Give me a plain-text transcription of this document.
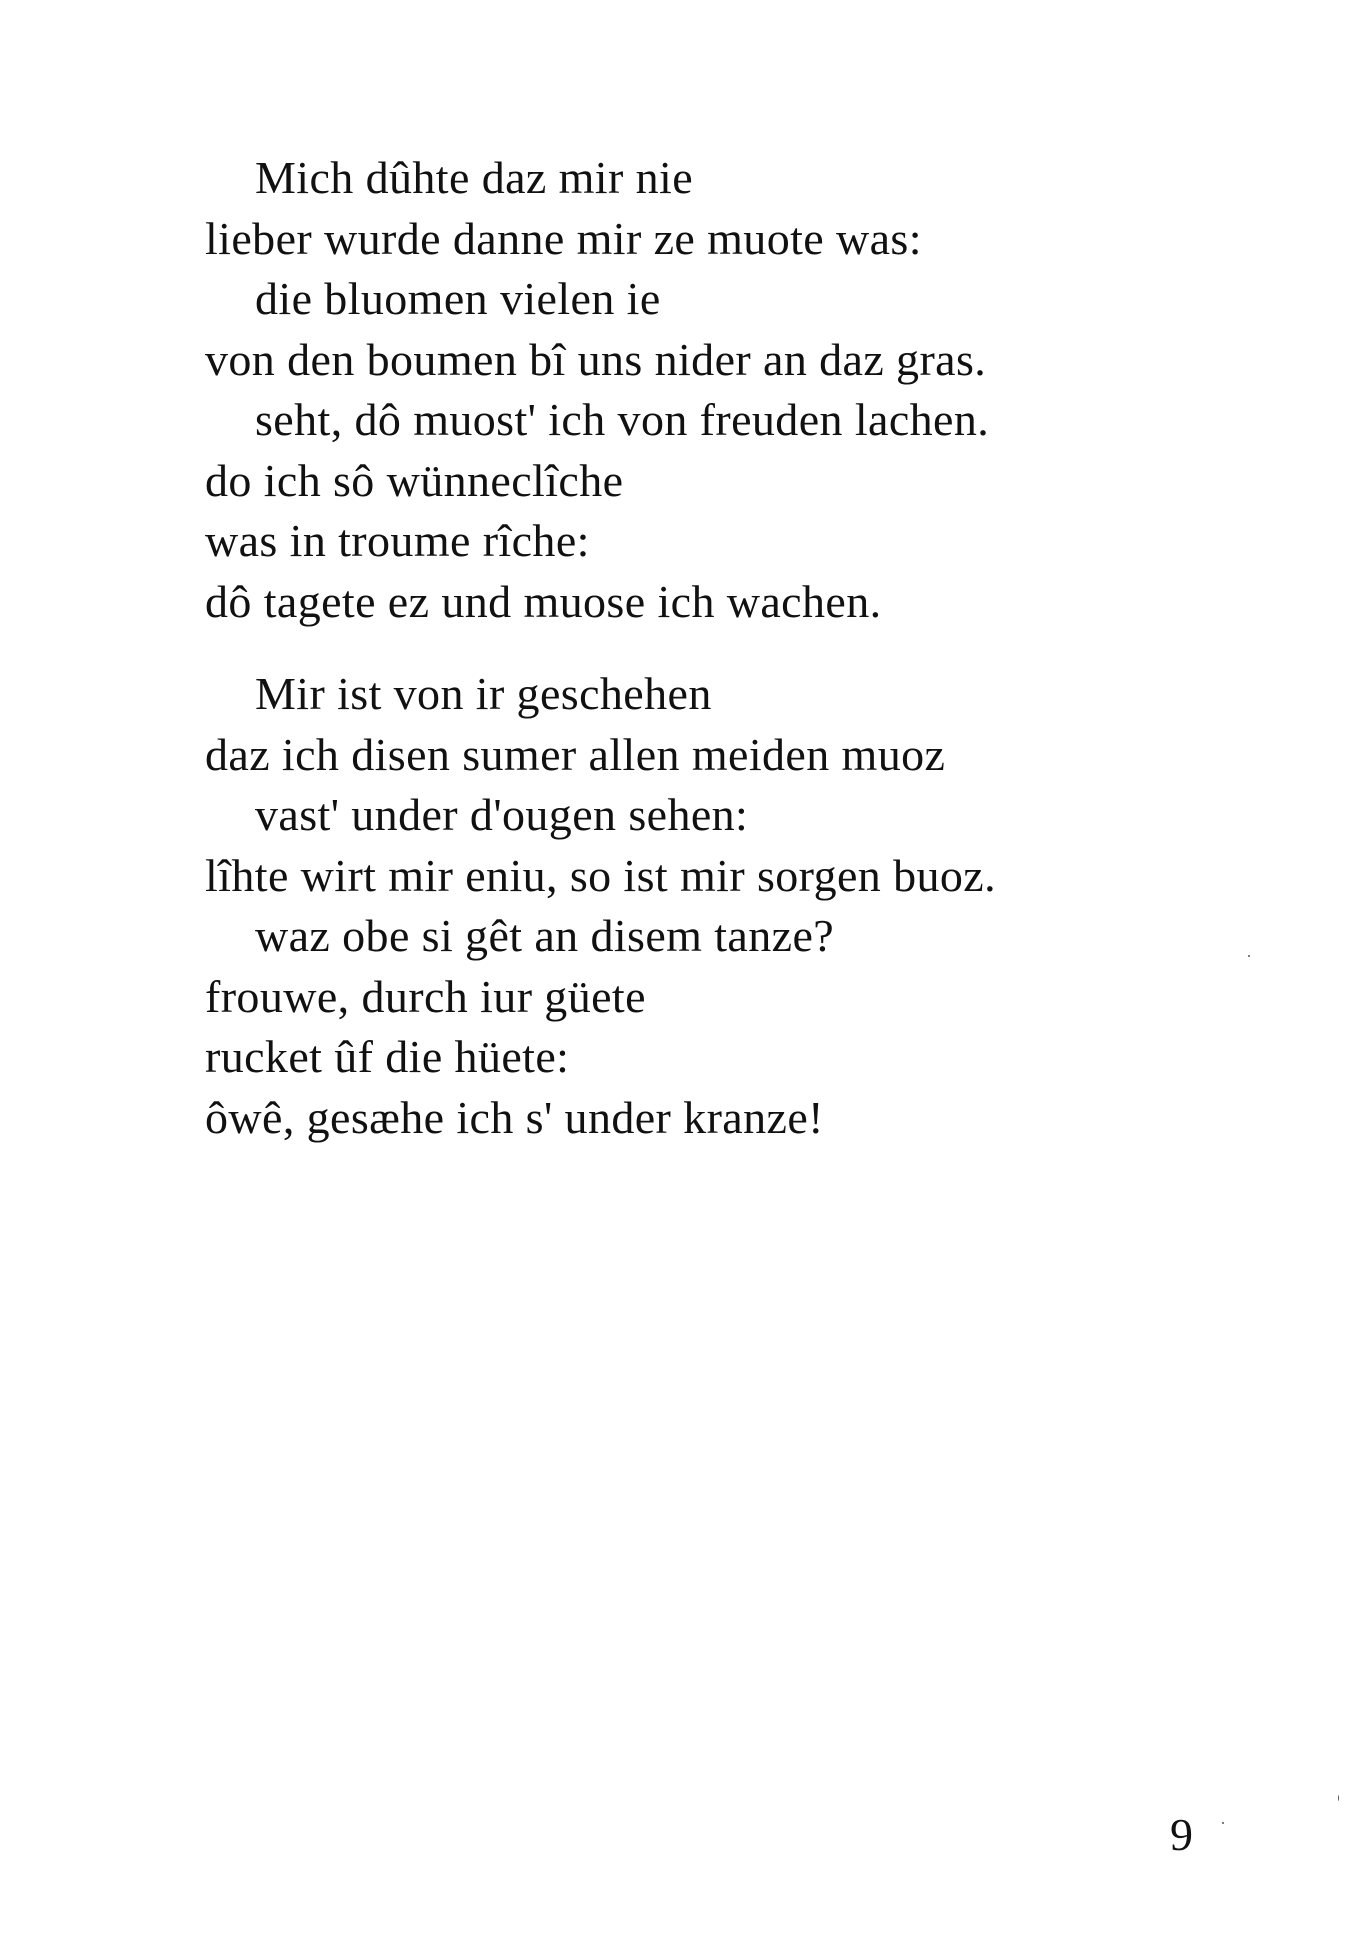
Mich dûhte daz mir nie
lieber wurde danne mir ze muote was:
die bluomen vielen ie
von den boumen bî uns nider an daz gras.
seht, dô muost' ich von freuden lachen.
do ich sô wünneclîche
was in troume rîche:
dô tagete ez und muose ich wachen.
Mir ist von ir geschehen
daz ich disen sumer allen meiden muoz
vast' under d'ougen sehen:
lîhte wirt mir eniu, so ist mir sorgen buoz.
waz obe si gêt an disem tanze?
frouwe, durch iur güete
rucket ûf die hüete:
ôwê, gesæhe ich s' under kranze!
9
